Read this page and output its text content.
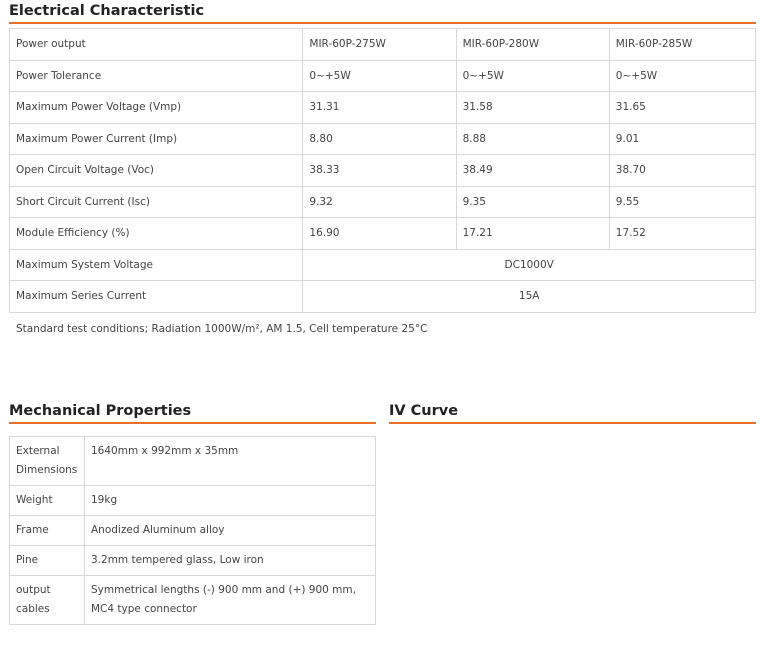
Electrical Characteristic
Power output	MIR-60P-275W	MIR-60P-280W	MIR-60P-285W
Power Tolerance	0~+5W	0~+5W	0~+5W
Maximum Power Voltage (Vmp)	31.31	31.58	31.65
Maximum Power Current (Imp)	8.80	8.88	9.01
Open Circuit Voltage (Voc)	38.33	38.49	38.70
Short Circuit Current (Isc)	9.32	9.35	9.55
Module Efficiency (%)	16.90	17.21	17.52
Maximum System Voltage	DC1000V		
Maximum Series Current	15A		
Standard test conditions; Radiation 1000W/m², AM 1.5, Cell temperature 25°C
Mechanical Properties	IV Curve
External Dimensions	1640mm x 992mm x 35mm
Weight	19kg
Frame	Anodized Aluminum alloy
Pine	3.2mm tempered glass, Low iron
output cables	Symmetrical lengths (-) 900 mm and (+) 900 mm, MC4 type connector
